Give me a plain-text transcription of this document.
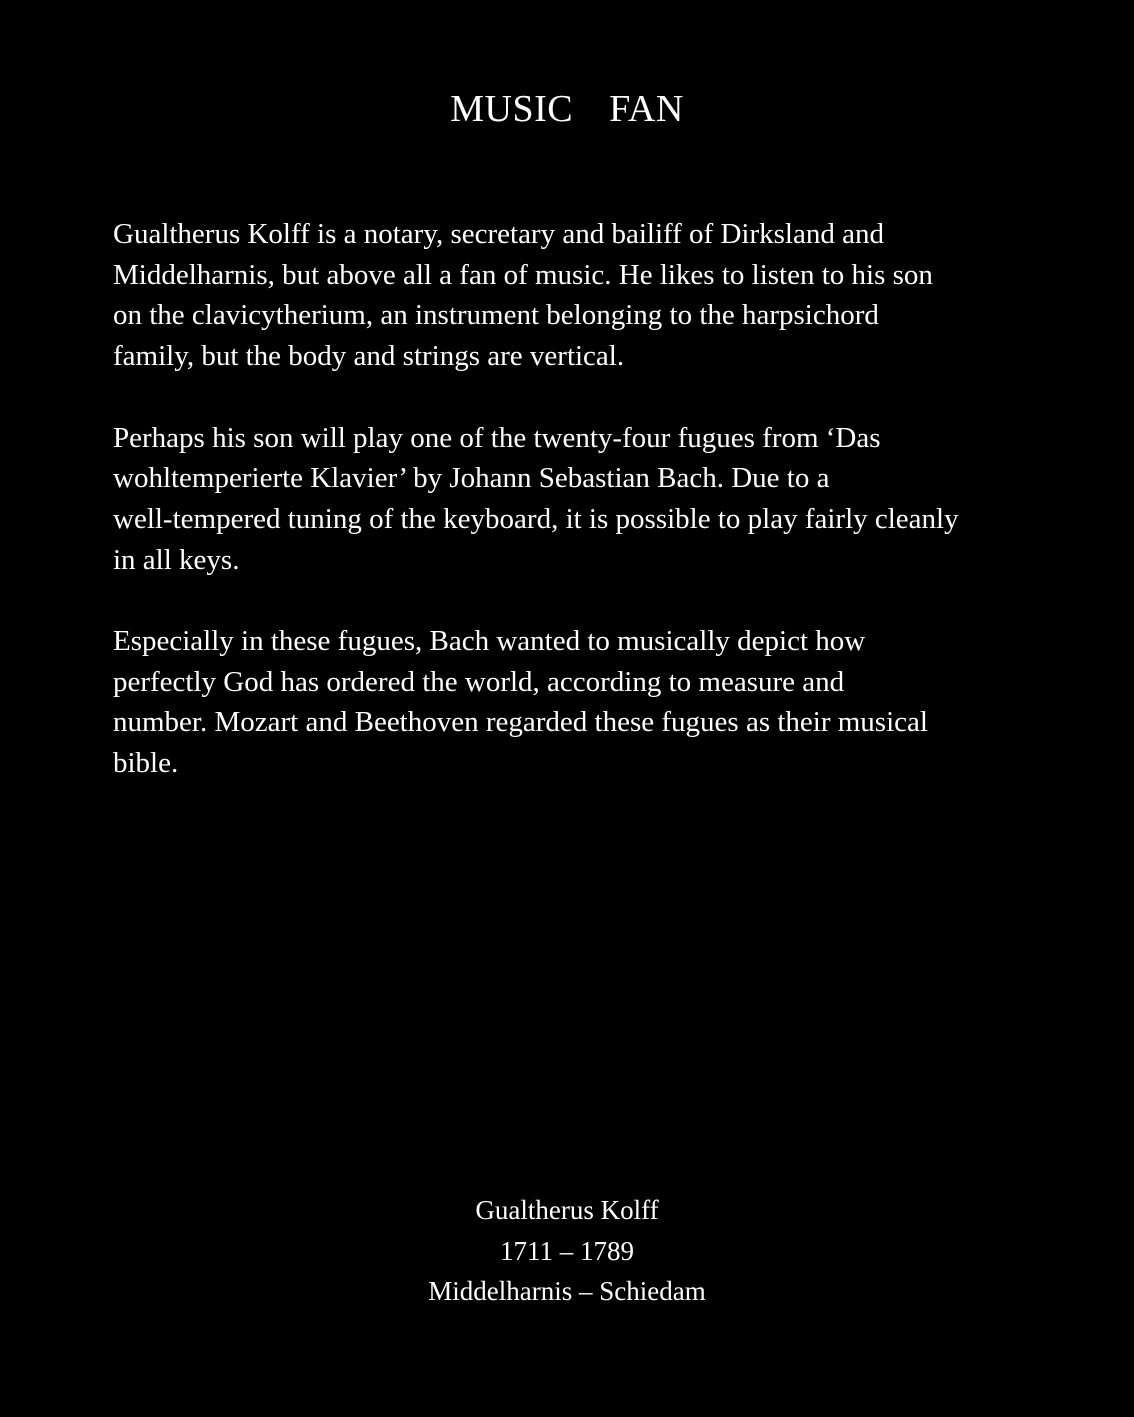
MUSIC  FAN

Gualtherus Kolff is a notary, secretary and bailiff of Dirksland and
Middelharnis, but above all a fan of music. He likes to listen to his son
on the clavicytherium, an instrument belonging to the harpsichord
family, but the body and strings are vertical.

Perhaps his son will play one of the twenty-four fugues from ‘Das
wohltemperierte Klavier’ by Johann Sebastian Bach. Due to a
well-tempered tuning of the keyboard, it is possible to play fairly cleanly
in all keys.

Especially in these fugues, Bach wanted to musically depict how
perfectly God has ordered the world, according to measure and
number. Mozart and Beethoven regarded these fugues as their musical
bible.

Gualtherus Kolff
1711 – 1789
Middelharnis – Schiedam
